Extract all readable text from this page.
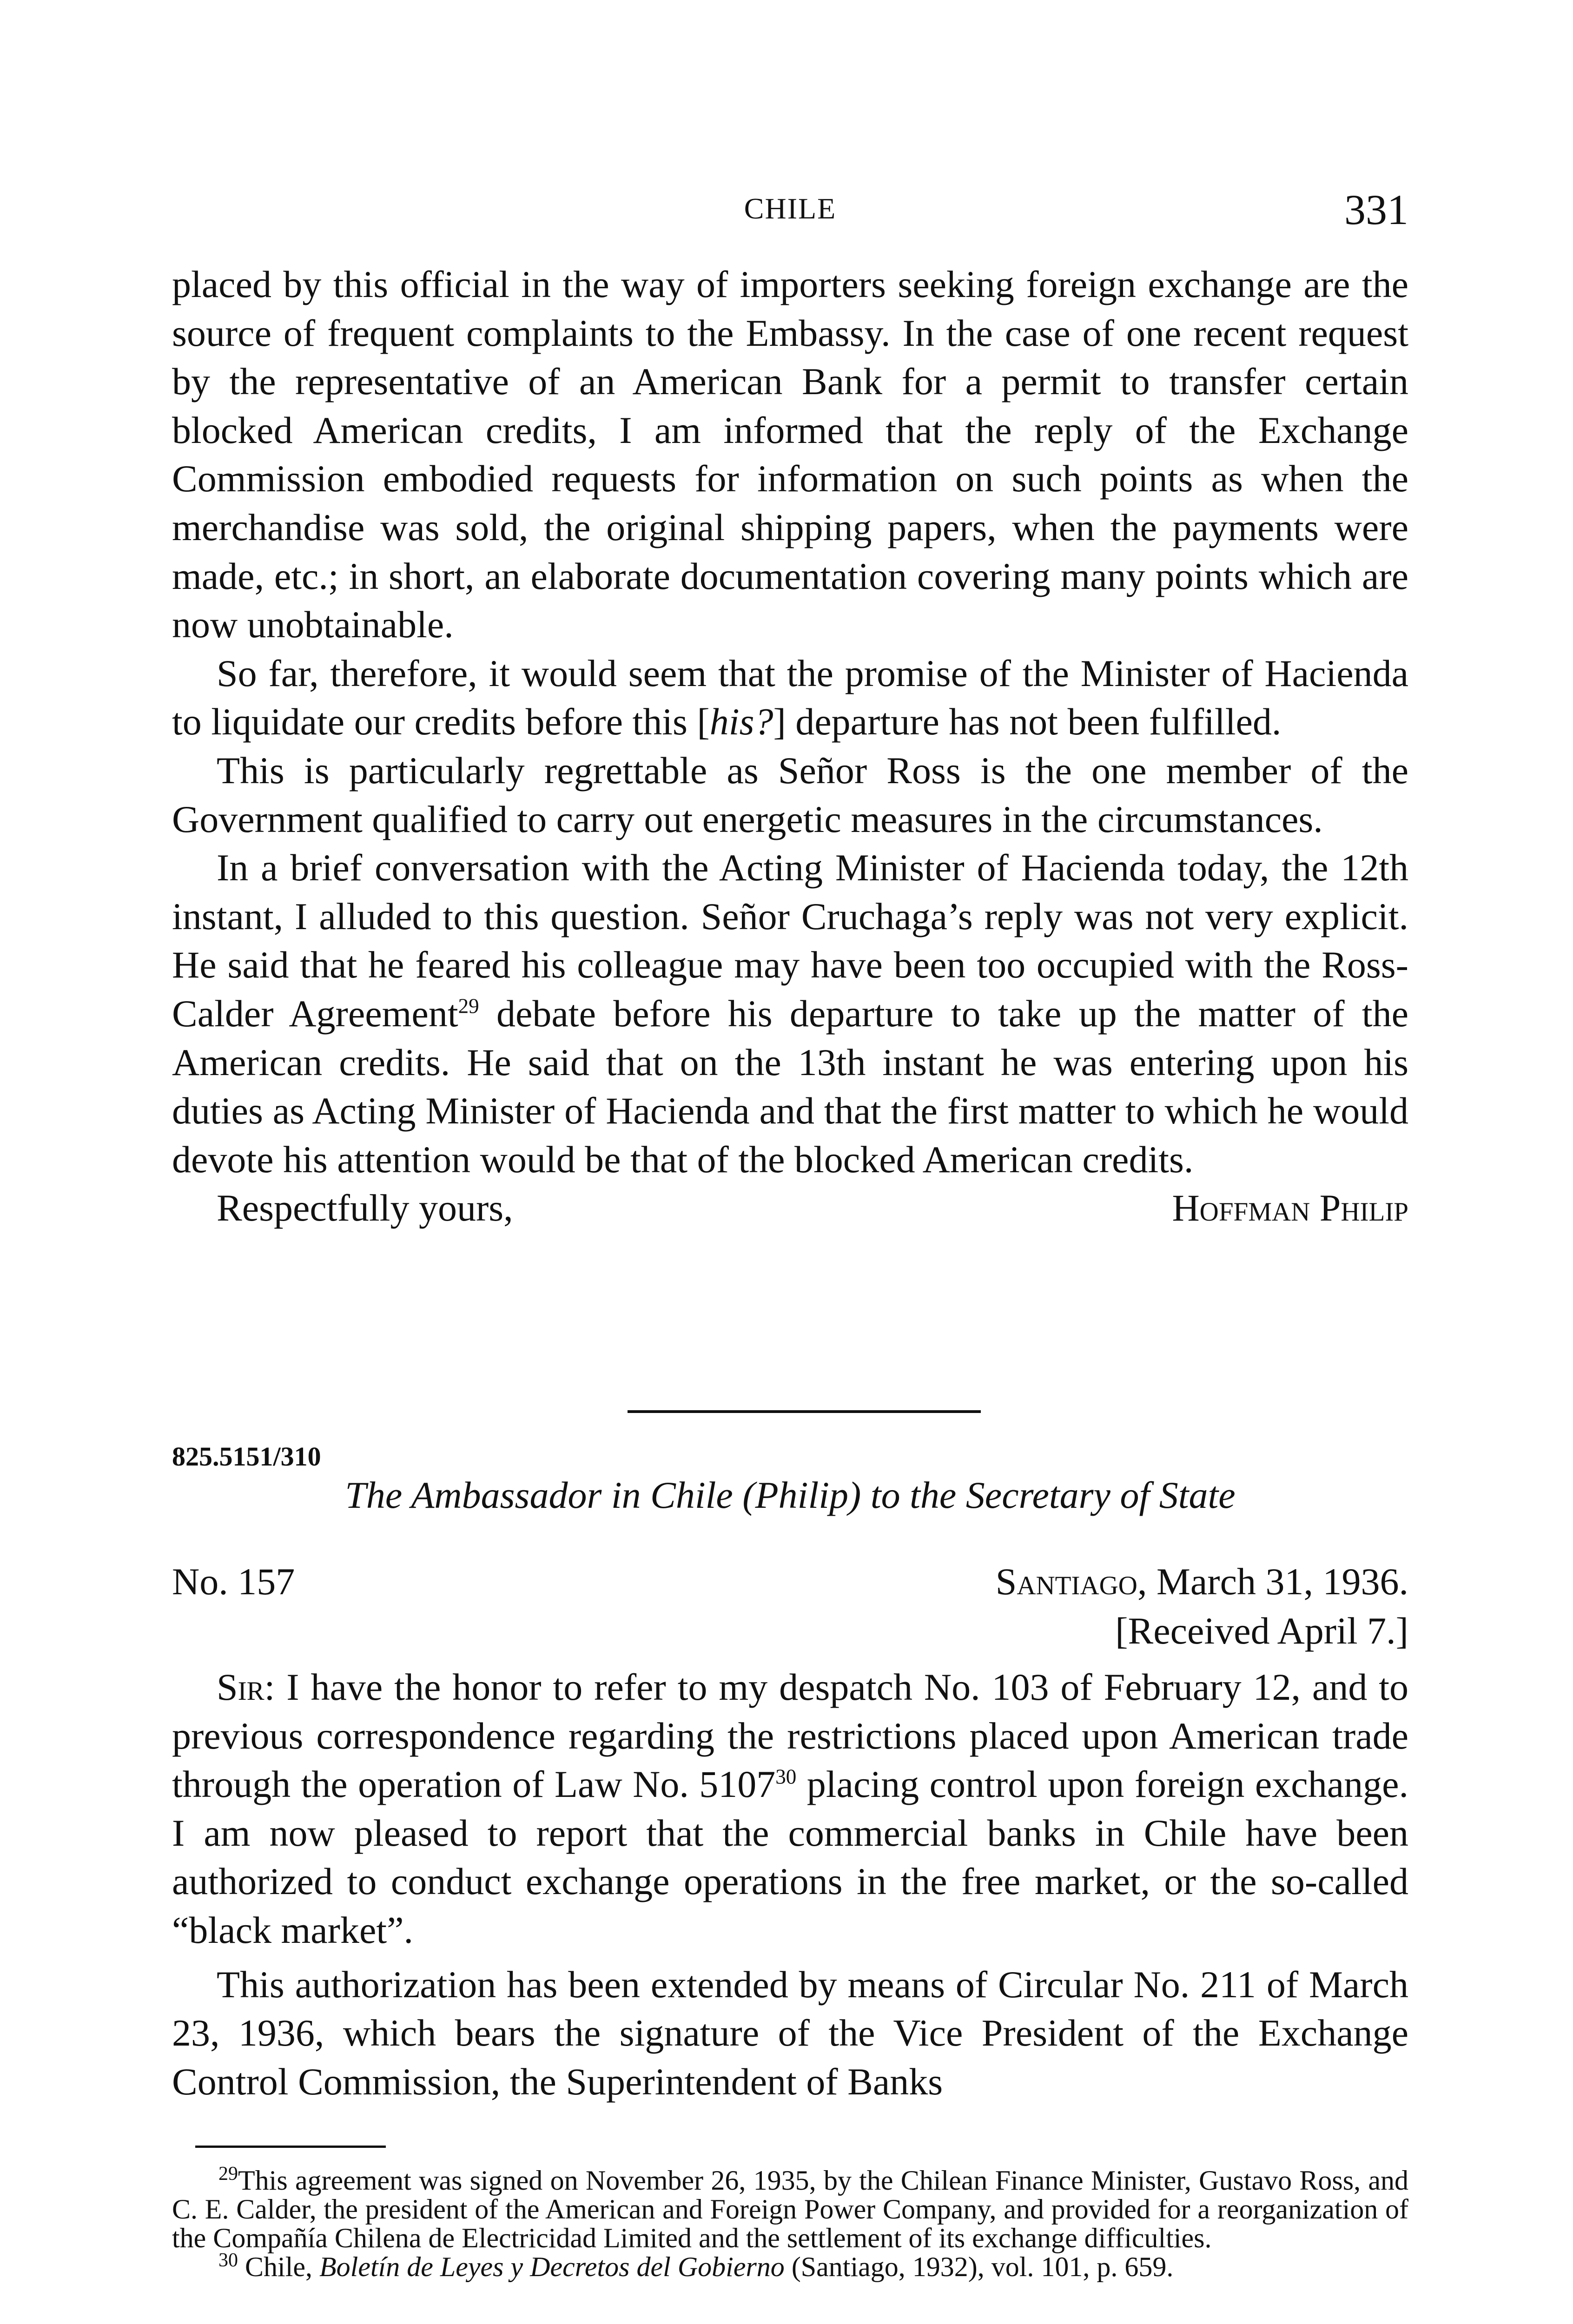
CHILE	331

placed by this official in the way of importers seeking foreign exchange are the source of frequent complaints to the Embassy. In the case of one recent request by the representative of an American Bank for a permit to transfer certain blocked American credits, I am informed that the reply of the Exchange Commission embodied requests for information on such points as when the merchandise was sold, the original shipping papers, when the payments were made, etc.; in short, an elaborate documentation covering many points which are now unobtainable.

So far, therefore, it would seem that the promise of the Minister of Hacienda to liquidate our credits before this [his?] departure has not been fulfilled.

This is particularly regrettable as Señor Ross is the one member of the Government qualified to carry out energetic measures in the circumstances.

In a brief conversation with the Acting Minister of Hacienda today, the 12th instant, I alluded to this question. Señor Cruchaga’s reply was not very explicit. He said that he feared his colleague may have been too occupied with the Ross-Calder Agreement$^{29}$ debate before his departure to take up the matter of the American credits. He said that on the 13th instant he was entering upon his duties as Acting Minister of Hacienda and that the first matter to which he would devote his attention would be that of the blocked American credits.

Respectfully yours,	Hoffman Philip
825.5151/310
The Ambassador in Chile (Philip) to the Secretary of State
No. 157	Santiago, March 31, 1936.
[Received April 7.]

Sir: I have the honor to refer to my despatch No. 103 of February 12, and to previous correspondence regarding the restrictions placed upon American trade through the operation of Law No. 5107$^{30}$ placing control upon foreign exchange. I am now pleased to report that the commercial banks in Chile have been authorized to conduct exchange operations in the free market, or the so-called “black market”.

This authorization has been extended by means of Circular No. 211 of March 23, 1936, which bears the signature of the Vice President of the Exchange Control Commission, the Superintendent of Banks

$^{29}$This agreement was signed on November 26, 1935, by the Chilean Finance Minister, Gustavo Ross, and C. E. Calder, the president of the American and Foreign Power Company, and provided for a reorganization of the Compañía Chilena de Electricidad Limited and the settlement of its exchange difficulties.

$^{30}$ Chile, Boletín de Leyes y Decretos del Gobierno (Santiago, 1932), vol. 101, p. 659.
